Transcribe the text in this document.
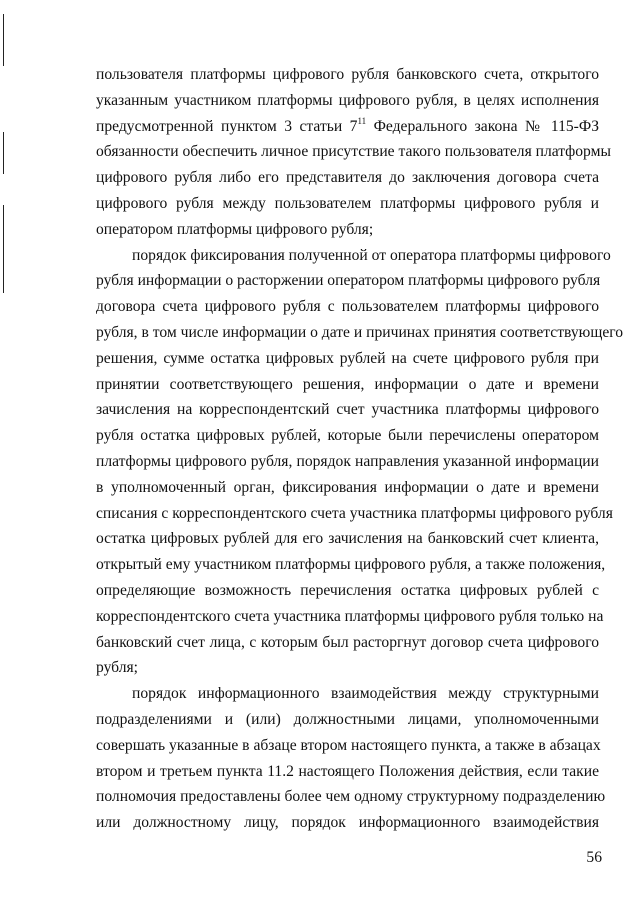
пользователя платформы цифрового рубля банковского счета, открытого
указанным участником платформы цифрового рубля, в целях исполнения
предусмотренной пунктом 3 статьи $7^{11}$ Федерального закона № 115-ФЗ
обязанности обеспечить личное присутствие такого пользователя платформы
цифрового рубля либо его представителя до заключения договора счета
цифрового рубля между пользователем платформы цифрового рубля и
оператором платформы цифрового рубля;
порядок фиксирования полученной от оператора платформы цифрового
рубля информации о расторжении оператором платформы цифрового рубля
договора счета цифрового рубля с пользователем платформы цифрового
рубля, в том числе информации о дате и причинах принятия соответствующего
решения, сумме остатка цифровых рублей на счете цифрового рубля при
принятии соответствующего решения, информации о дате и времени
зачисления на корреспондентский счет участника платформы цифрового
рубля остатка цифровых рублей, которые были перечислены оператором
платформы цифрового рубля, порядок направления указанной информации
в уполномоченный орган, фиксирования информации о дате и времени
списания с корреспондентского счета участника платформы цифрового рубля
остатка цифровых рублей для его зачисления на банковский счет клиента,
открытый ему участником платформы цифрового рубля, а также положения,
определяющие возможность перечисления остатка цифровых рублей с
корреспондентского счета участника платформы цифрового рубля только на
банковский счет лица, с которым был расторгнут договор счета цифрового
рубля;
порядок информационного взаимодействия между структурными
подразделениями и (или) должностными лицами, уполномоченными
совершать указанные в абзаце втором настоящего пункта, а также в абзацах
втором и третьем пункта 11.2 настоящего Положения действия, если такие
полномочия предоставлены более чем одному структурному подразделению
или должностному лицу, порядок информационного взаимодействия
56
